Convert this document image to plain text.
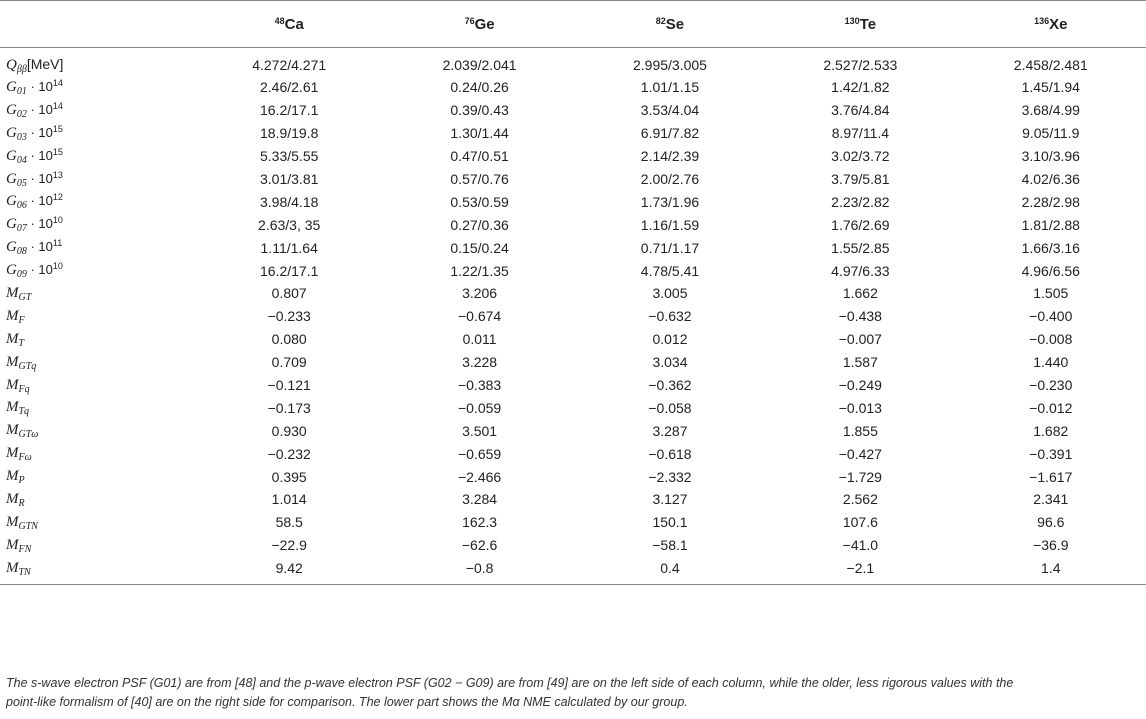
	$^{48}$Ca	$^{76}$Ge	$^{82}$Se	$^{130}$Te	$^{136}$Xe
$Q_{\beta\beta}[MeV]$	4.272/4.271	2.039/2.041	2.995/3.005	2.527/2.533	2.458/2.481
$G_{01} \cdot 10^{14}$	2.46/2.61	0.24/0.26	1.01/1.15	1.42/1.82	1.45/1.94
$G_{02} \cdot 10^{14}$	16.2/17.1	0.39/0.43	3.53/4.04	3.76/4.84	3.68/4.99
$G_{03} \cdot 10^{15}$	18.9/19.8	1.30/1.44	6.91/7.82	8.97/11.4	9.05/11.9
$G_{04} \cdot 10^{15}$	5.33/5.55	0.47/0.51	2.14/2.39	3.02/3.72	3.10/3.96
$G_{05} \cdot 10^{13}$	3.01/3.81	0.57/0.76	2.00/2.76	3.79/5.81	4.02/6.36
$G_{06} \cdot 10^{12}$	3.98/4.18	0.53/0.59	1.73/1.96	2.23/2.82	2.28/2.98
$G_{07} \cdot 10^{10}$	2.63/3, 35	0.27/0.36	1.16/1.59	1.76/2.69	1.81/2.88
$G_{08} \cdot 10^{11}$	1.11/1.64	0.15/0.24	0.71/1.17	1.55/2.85	1.66/3.16
$G_{09} \cdot 10^{10}$	16.2/17.1	1.22/1.35	4.78/5.41	4.97/6.33	4.96/6.56
$M_{GT}$	0.807	3.206	3.005	1.662	1.505
$M_F$	−0.233	−0.674	−0.632	−0.438	−0.400
$M_T$	0.080	0.011	0.012	−0.007	−0.008
$M_{GTq}$	0.709	3.228	3.034	1.587	1.440
$M_{Fq}$	−0.121	−0.383	−0.362	−0.249	−0.230
$M_{Tq}$	−0.173	−0.059	−0.058	−0.013	−0.012
$M_{GT\omega}$	0.930	3.501	3.287	1.855	1.682
$M_{F\omega}$	−0.232	−0.659	−0.618	−0.427	−0.391
$M_P$	0.395	−2.466	−2.332	−1.729	−1.617
$M_R$	1.014	3.284	3.127	2.562	2.341
$M_{GTN}$	58.5	162.3	150.1	107.6	96.6
$M_{FN}$	−22.9	−62.6	−58.1	−41.0	−36.9
$M_{TN}$	9.42	−0.8	0.4	−2.1	1.4
The s-wave electron PSF (G01) are from [48] and the p-wave electron PSF (G02 − G09) are from [49] are on the left side of each column, while the older, less rigorous values with the
point-like formalism of [40] are on the right side for comparison. The lower part shows the Mα NME calculated by our group.
